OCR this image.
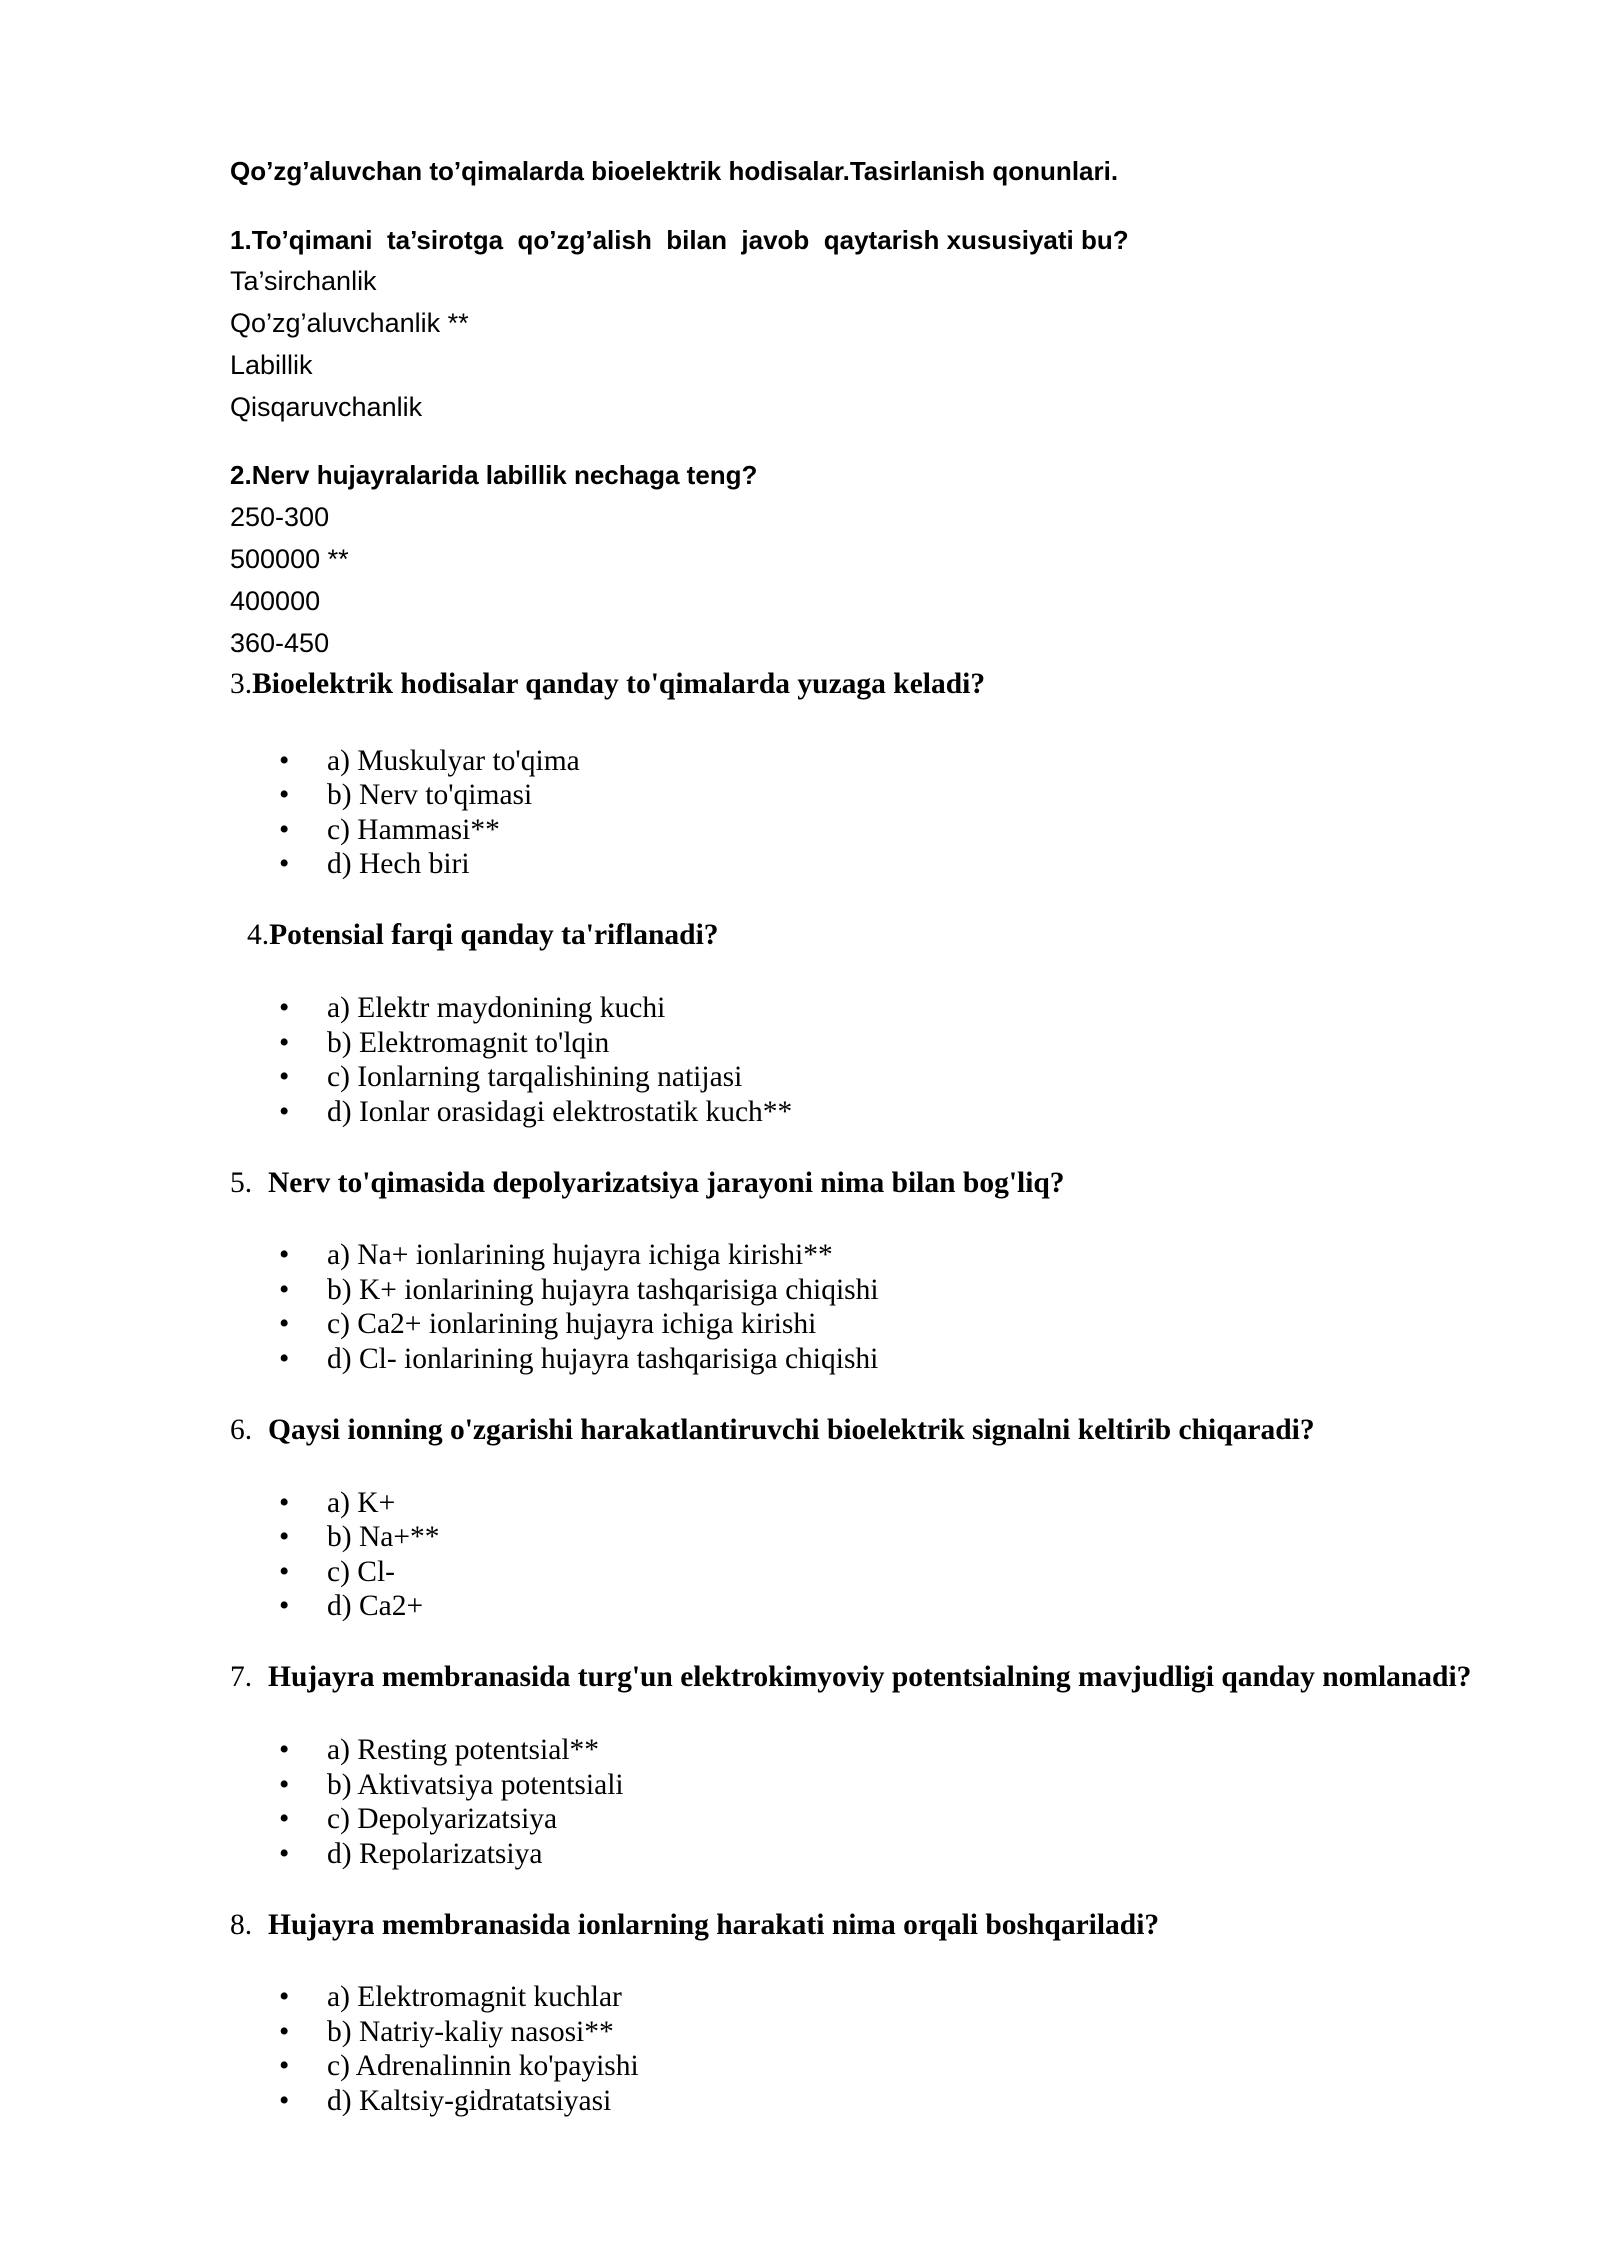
Qo’zg’aluvchan to’qimalarda bioelektrik hodisalar.Tasirlanish qonunlari.
1.To’qimani  ta’sirotga  qo’zg’alish  bilan  javob  qaytarish xususiyati bu?
Ta’sirchanlik
Qo’zg’aluvchanlik **
Labillik
Qisqaruvchanlik
2.Nerv hujayralarida labillik nechaga teng?
250-300
500000 **
400000
360-450
3.Bioelektrik hodisalar qanday to'qimalarda yuzaga keladi?
•
a) Muskulyar to'qima
•
b) Nerv to'qimasi
•
c) Hammasi**
•
d) Hech biri
4.Potensial farqi qanday ta'riflanadi?
•
a) Elektr maydonining kuchi
•
b) Elektromagnit to'lqin
•
c) Ionlarning tarqalishining natijasi
•
d) Ionlar orasidagi elektrostatik kuch**
5. Nerv to'qimasida depolyarizatsiya jarayoni nima bilan bog'liq?
•
a) Na+ ionlarining hujayra ichiga kirishi**
•
b) K+ ionlarining hujayra tashqarisiga chiqishi
•
c) Ca2+ ionlarining hujayra ichiga kirishi
•
d) Cl- ionlarining hujayra tashqarisiga chiqishi
6. Qaysi ionning o'zgarishi harakatlantiruvchi bioelektrik signalni keltirib chiqaradi?
•
a) K+
•
b) Na+**
•
c) Cl-
•
d) Ca2+
7. Hujayra membranasida turg'un elektrokimyoviy potentsialning mavjudligi qanday nomlanadi?
•
a) Resting potentsial**
•
b) Aktivatsiya potentsiali
•
c) Depolyarizatsiya
•
d) Repolarizatsiya
8. Hujayra membranasida ionlarning harakati nima orqali boshqariladi?
•
a) Elektromagnit kuchlar
•
b) Natriy-kaliy nasosi**
•
c) Adrenalinnin ko'payishi
•
d) Kaltsiy-gidratatsiyasi
